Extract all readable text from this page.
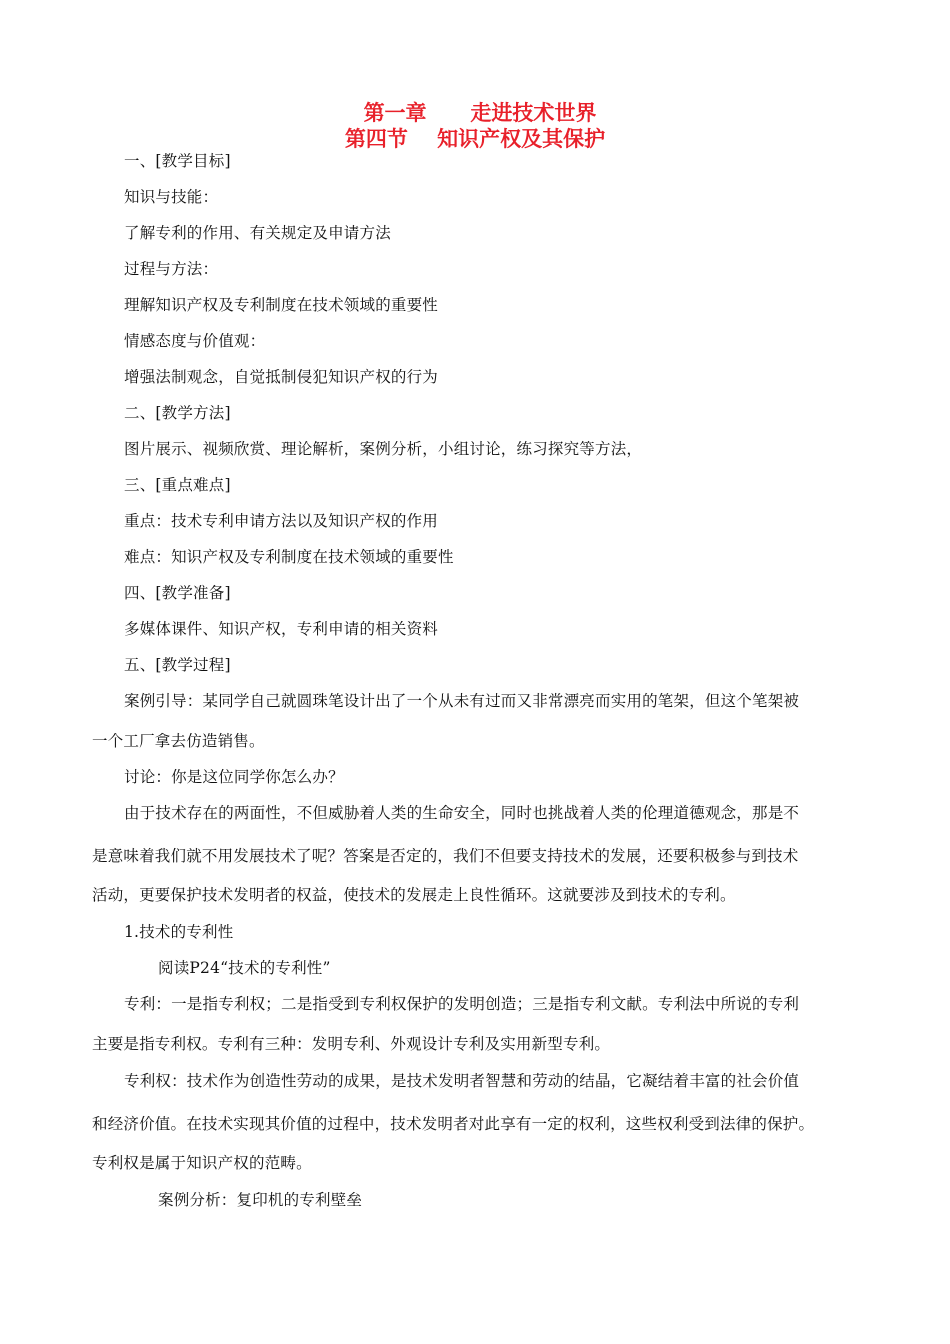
第一章      走进技术世界
第四节    知识产权及其保护
一、[教学目标]
知识与技能：
了解专利的作用、有关规定及申请方法
过程与方法：
理解知识产权及专利制度在技术领域的重要性
情感态度与价值观：
增强法制观念，自觉抵制侵犯知识产权的行为
二、[教学方法]
图片展示、视频欣赏、理论解析，案例分析，小组讨论，练习探究等方法，
三、[重点难点]
重点：技术专利申请方法以及知识产权的作用
难点：知识产权及专利制度在技术领域的重要性
四、[教学准备]
多媒体课件、知识产权，专利申请的相关资料
五、[教学过程]
案例引导：某同学自己就圆珠笔设计出了一个从未有过而又非常漂亮而实用的笔架，但这个笔架被
一个工厂拿去仿造销售。
讨论：你是这位同学你怎么办？
由于技术存在的两面性，不但威胁着人类的生命安全，同时也挑战着人类的伦理道德观念，那是不
是意味着我们就不用发展技术了呢？答案是否定的，我们不但要支持技术的发展，还要积极参与到技术
活动，更要保护技术发明者的权益，使技术的发展走上良性循环。这就要涉及到技术的专利。
1.技术的专利性
阅读P24“技术的专利性”
专利：一是指专利权；二是指受到专利权保护的发明创造；三是指专利文献。专利法中所说的专利
主要是指专利权。专利有三种：发明专利、外观设计专利及实用新型专利。
专利权：技术作为创造性劳动的成果，是技术发明者智慧和劳动的结晶，它凝结着丰富的社会价值
和经济价值。在技术实现其价值的过程中，技术发明者对此享有一定的权利，这些权利受到法律的保护。
专利权是属于知识产权的范畴。
案例分析：复印机的专利壁垒
